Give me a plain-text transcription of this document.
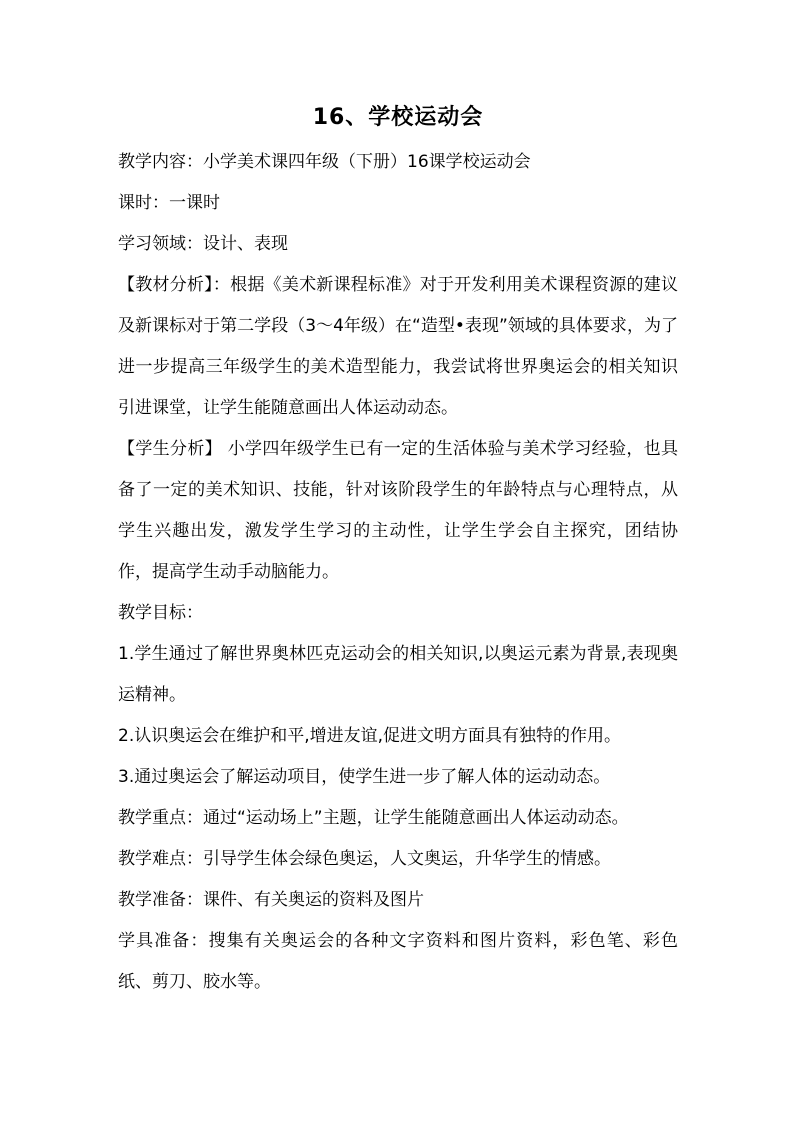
16、学校运动会

教学内容：小学美术课四年级（下册）16课学校运动会

课时：一课时

学习领域：设计、表现

【教材分析】：根据《美术新课程标准》对于开发利用美术课程资源的建议及新课标对于第二学段（3～4年级）在“造型•表现”领域的具体要求，为了进一步提高三年级学生的美术造型能力，我尝试将世界奥运会的相关知识引进课堂，让学生能随意画出人体运动动态。

【学生分析】 小学四年级学生已有一定的生活体验与美术学习经验，也具备了一定的美术知识、技能，针对该阶段学生的年龄特点与心理特点，从学生兴趣出发，激发学生学习的主动性，让学生学会自主探究，团结协作，提高学生动手动脑能力。

教学目标：

1.学生通过了解世界奥林匹克运动会的相关知识,以奥运元素为背景,表现奥运精神。

2.认识奥运会在维护和平,增进友谊,促进文明方面具有独特的作用。

3.通过奥运会了解运动项目，使学生进一步了解人体的运动动态。

教学重点：通过“运动场上”主题，让学生能随意画出人体运动动态。

教学难点：引导学生体会绿色奥运，人文奥运，升华学生的情感。

教学准备：课件、有关奥运的资料及图片

学具准备：搜集有关奥运会的各种文字资料和图片资料，彩色笔、彩色纸、剪刀、胶水等。
